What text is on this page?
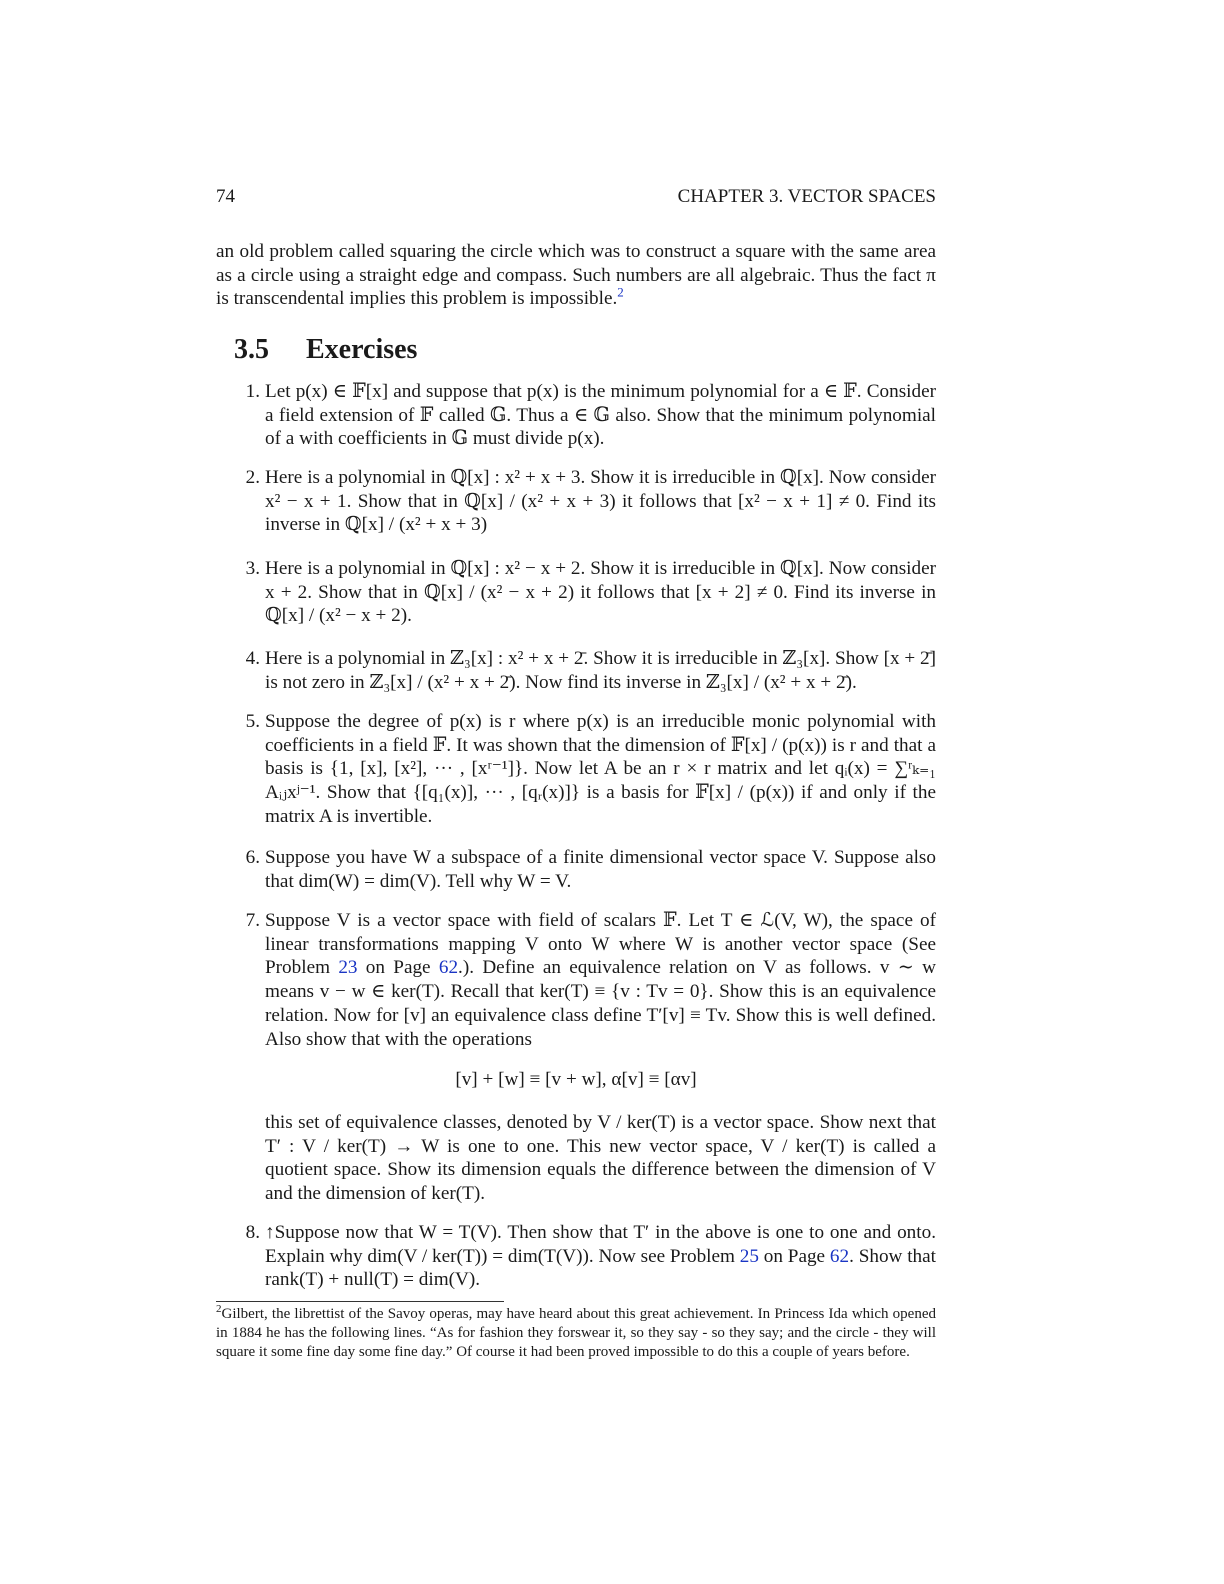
74	CHAPTER 3. VECTOR SPACES
an old problem called squaring the circle which was to construct a square with the same area as a circle using a straight edge and compass. Such numbers are all algebraic. Thus the fact π is transcendental implies this problem is impossible.$^2$
3.5 Exercises
1. Let p(x) ∈ 𝔽[x] and suppose that p(x) is the minimum polynomial for a ∈ 𝔽. Consider a field extension of 𝔽 called 𝔾. Thus a ∈ 𝔾 also. Show that the minimum polynomial of a with coefficients in 𝔾 must divide p(x).
2. Here is a polynomial in ℚ[x] : x² + x + 3. Show it is irreducible in ℚ[x]. Now consider x² − x + 1. Show that in ℚ[x] / (x² + x + 3) it follows that [x² − x + 1] ≠ 0. Find its inverse in ℚ[x] / (x² + x + 3)
3. Here is a polynomial in ℚ[x] : x² − x + 2. Show it is irreducible in ℚ[x]. Now consider x + 2. Show that in ℚ[x] / (x² − x + 2) it follows that [x + 2] ≠ 0. Find its inverse in ℚ[x] / (x² − x + 2).
4. Here is a polynomial in ℤ₃[x] : x² + x + 2̄. Show it is irreducible in ℤ₃[x]. Show [x + 2̄] is not zero in ℤ₃[x] / (x² + x + 2̄). Now find its inverse in ℤ₃[x] / (x² + x + 2̄).
5. Suppose the degree of p(x) is r where p(x) is an irreducible monic polynomial with coefficients in a field 𝔽. It was shown that the dimension of 𝔽[x] / (p(x)) is r and that a basis is {1, [x], [x²], ··· , [xʳ⁻¹]}. Now let A be an r × r matrix and let qᵢ(x) = ∑ʳₖ₌₁ Aᵢⱼxʲ⁻¹. Show that {[q₁(x)], ··· , [qᵣ(x)]} is a basis for 𝔽[x] / (p(x)) if and only if the matrix A is invertible.
6. Suppose you have W a subspace of a finite dimensional vector space V. Suppose also that dim(W) = dim(V). Tell why W = V.
7. Suppose V is a vector space with field of scalars 𝔽. Let T ∈ ℒ(V, W), the space of linear transformations mapping V onto W where W is another vector space (See Problem 23 on Page 62.). Define an equivalence relation on V as follows. v ∼ w means v − w ∈ ker(T). Recall that ker(T) ≡ {v : Tv = 0}. Show this is an equivalence relation. Now for [v] an equivalence class define T′[v] ≡ Tv. Show this is well defined. Also show that with the operations
[v] + [w] ≡ [v + w], α[v] ≡ [αv]
this set of equivalence classes, denoted by V / ker(T) is a vector space. Show next that T′ : V / ker(T) → W is one to one. This new vector space, V / ker(T) is called a quotient space. Show its dimension equals the difference between the dimension of V and the dimension of ker(T).
8. ↑Suppose now that W = T(V). Then show that T′ in the above is one to one and onto. Explain why dim(V / ker(T)) = dim(T(V)). Now see Problem 25 on Page 62. Show that rank(T) + null(T) = dim(V).
$^2$Gilbert, the librettist of the Savoy operas, may have heard about this great achievement. In Princess Ida which opened in 1884 he has the following lines. “As for fashion they forswear it, so they say - so they say; and the circle - they will square it some fine day some fine day.” Of course it had been proved impossible to do this a couple of years before.
